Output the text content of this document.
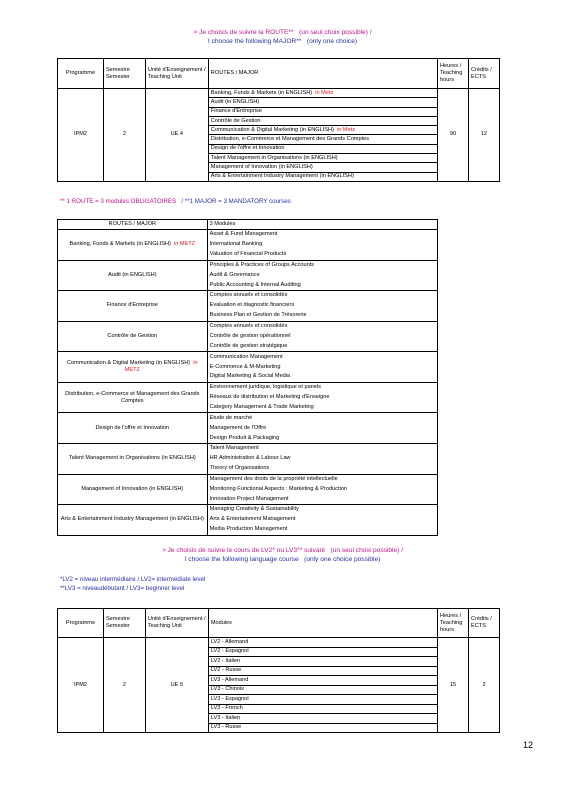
> Je choisis de suivre la ROUTE** (un seul choix possible) /
I choose the following MAJOR** (only one choice)
Programme	Semestre Semester	Unité d'Enseignement / Teaching Unit	ROUTES / MAJOR	Heures / Teaching hours	Crédits / ECTS
IPM2	2	UE 4	Banking, Funds & Markets (in ENGLISH) in Metz	90	12
			Audit (in ENGLISH)		
			Finance d'Entreprise		
			Contrôle de Gestion		
			Communication & Digital Marketing (in ENGLISH) in Metz		
			Distribution, e-Commerce et Management des Grands Comptes		
			Design de l'offre et Innovation		
			Talent Management in Organisations (in ENGLISH)		
			Management of Innovation (in ENGLISH)		
			Arts & Entertainment Industry Management (in ENGLISH)		
** 1 ROUTE = 3 modules OBLIGATOIRES / **1 MAJOR = 3 MANDATORY courses
ROUTES / MAJOR	3 Modules
Banking, Funds & Markets (in ENGLISH) in METZ	Asset & Fund Management
	International Banking
	Valuation of Financial Products
Audit (in ENGLISH)	Principles & Practices of Groups Accounts
	Audit & Governance
	Public Accounting & Internal Auditing
Finance d'Entreprise	Comptes annuels et consolidés
	Evaluation et diagnostic financiers
	Business Plan et Gestion de Trésorerie
Contrôle de Gestion	Comptes annuels et consolidés
	Contrôle de gestion opérationnel
	Contrôle de gestion stratégique
Communication & Digital Marketing (in ENGLISH) in METZ	Communication Management
	E-Commerce & M-Marketing
	Digital Marketing & Social Media
Distribution, e-Commerce et Management des Grands Comptes	Environnement juridique, logistique et panels
	Réseaux de distribution et Marketing d'Enseigne
	Category Management & Trade Marketing
Design de l'offre et Innovation	Etude de marché
	Management de l'Offre
	Design Produit & Packaging
Talent Management in Organisations (in ENGLISH)	Talent Management
	HR Administration & Labour Law
	Theory of Organisations
Management of Innovation (in ENGLISH)	Management des droits de la propriété intellectuelle
	Monitoring Functional Aspects : Marketing & Production
	Innovation Project Management
Arts & Entertainment Industry Management (in ENGLISH)	Managing Creativity & Sustainability
	Arts & Entertainment Management
	Media Production Management
> Je choisis de suivre le cours de LV2* ou LV3** suivant (un seul choix possible) /
I choose the following language course (only one choice possible)
*LV2 = niveau intermédiaire / LV2= intermediate level
**LV3 = niveaudébutant / LV3= beginner level
Programme	Semestre Semester	Unité d'Enseignement / Teaching Unit	Modules	Heures / Teaching hours	Crédits / ECTS
IPM2	2	UE 5	LV2 - Allemand	15	2
			LV2 - Espagnol		
			LV2 - Italien		
			LV2 - Russe		
			LV3 - Allemand		
			LV3 - Chinois		
			LV3 - Espagnol		
			LV3 - French		
			LV3 - Italien		
			LV3 - Russe		
12
